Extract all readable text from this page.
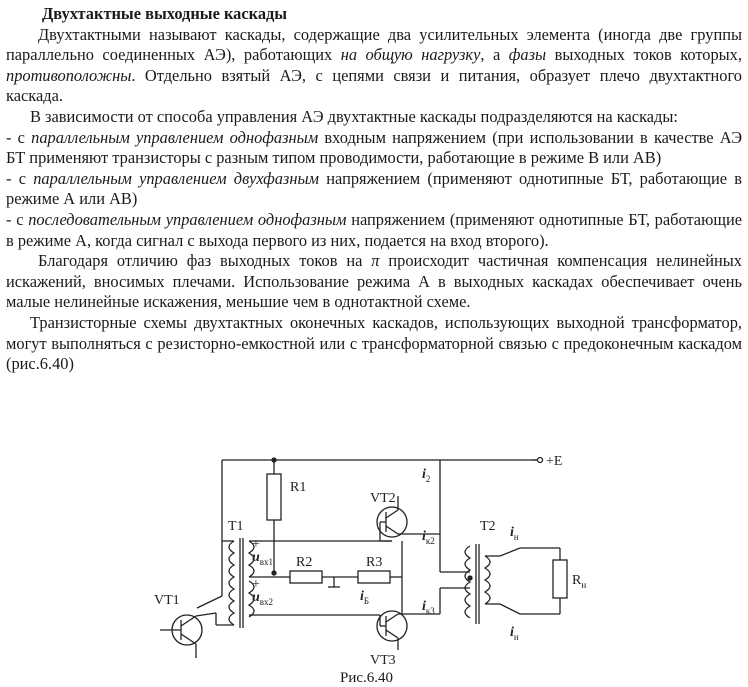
Двухтактные выходные каскады

Двухтактными называют каскады, содержащие два усилительных элемента (иногда две группы параллельно соединенных АЭ), работающих на общую нагрузку, а фазы выходных токов которых, противоположны. Отдельно взятый АЭ, с цепями связи и питания, образует плечо двухтактного каскада.

В зависимости от способа управления АЭ двухтактные каскады подразделяются на каскады:

- с параллельным управлением однофазным входным напряжением (при использовании в качестве АЭ БТ применяют транзисторы с разным типом проводимости, работающие в режиме В или АВ)

- с параллельным управлением двухфазным напряжением (применяют однотипные БТ, работающие в режиме А или АВ)

- с последовательным управлением однофазным напряжением (применяют однотипные БТ, работающие в режиме А, когда сигнал с выхода первого из них, подается на вход второго).

Благодаря отличию фаз выходных токов на π происходит частичная компенсация нелинейных искажений, вносимых плечами. Использование режима А в выходных каскадах обеспечивает очень малые нелинейные искажения, меньшие чем в однотактной схеме.

Транзисторные схемы двухтактных оконечных каскадов, использующих выходной трансформатор, могут выполняться с резисторно-емкостной или с трансформаторной связью с предоконечным каскадом (рис.6.40)

+E
R1
T1
+
$u_{вх1}$
+
$u_{вх2}$
R2	R3
$i_Б$
VT2
VT3
$i_2$
$i_{к2}$
$i_{к3}$
T2
$R_н$
$i_н$
$i_н$
VT1
Рис.6.40
